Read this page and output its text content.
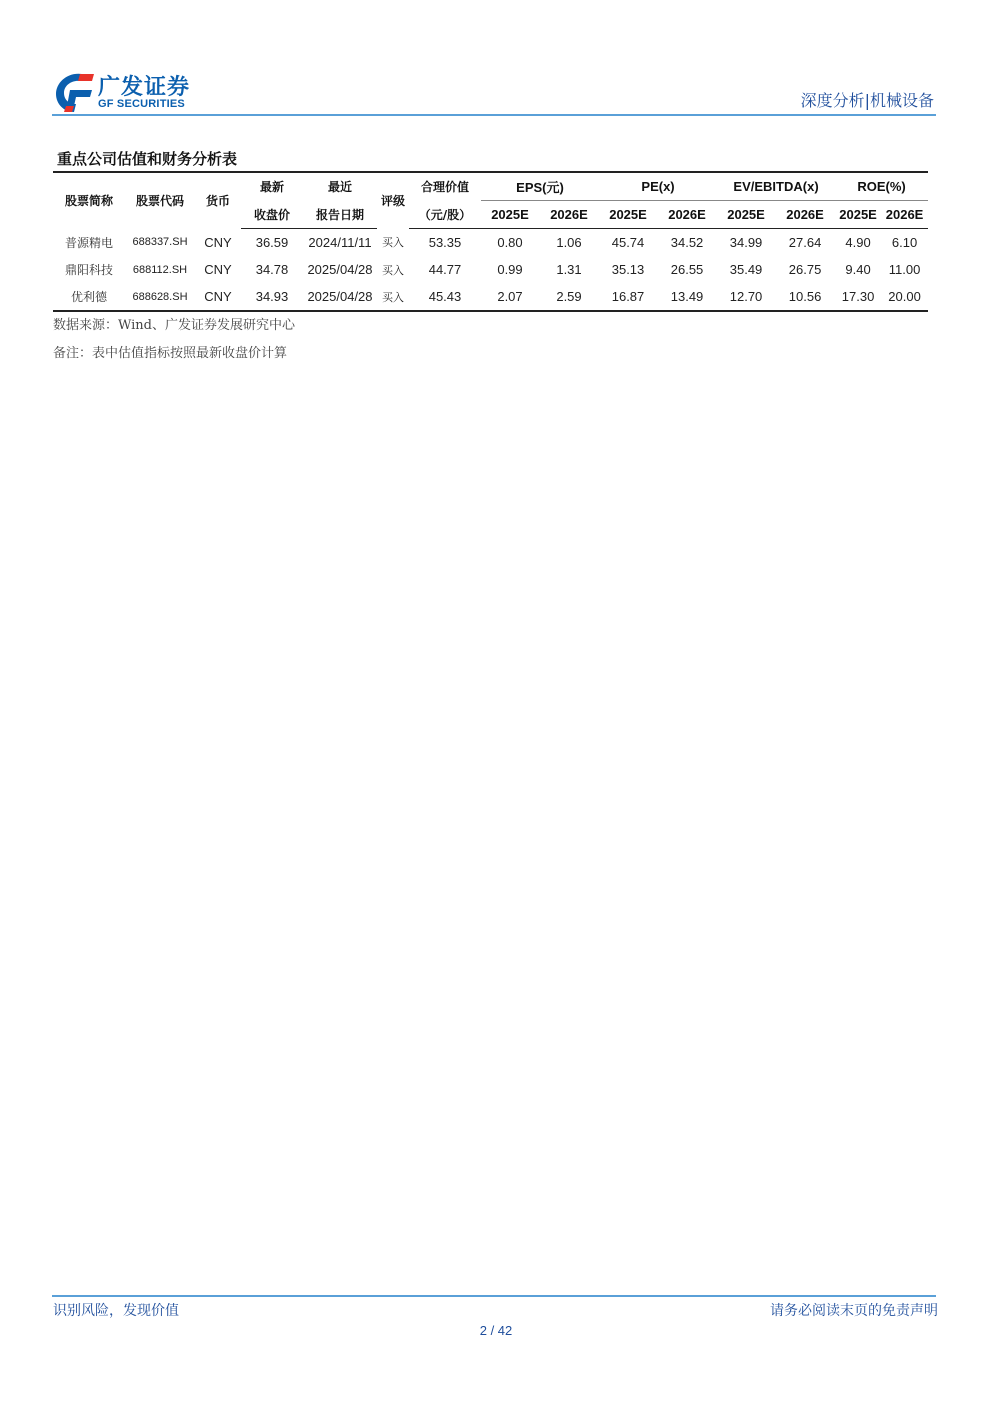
广发证券
GF SECURITIES	深度分析|机械设备
重点公司估值和财务分析表
股票简称	股票代码	货币	最新	最近	评级	合理价值	EPS(元)		PE(x)		EV/EBITDA(x)		ROE(%)	
			收盘价	报告日期		（元/股）	2025E	2026E	2025E	2026E	2025E	2026E	2025E	2026E
普源精电	688337.SH	CNY	36.59	2024/11/11	买入	53.35	0.80	1.06	45.74	34.52	34.99	27.64	4.90	6.10
鼎阳科技	688112.SH	CNY	34.78	2025/04/28	买入	44.77	0.99	1.31	35.13	26.55	35.49	26.75	9.40	11.00
优利德	688628.SH	CNY	34.93	2025/04/28	买入	45.43	2.07	2.59	16.87	13.49	12.70	10.56	17.30	20.00
数据来源：Wind、广发证券发展研究中心
备注：表中估值指标按照最新收盘价计算
识别风险，发现价值	请务必阅读末页的免责声明
2 / 42
